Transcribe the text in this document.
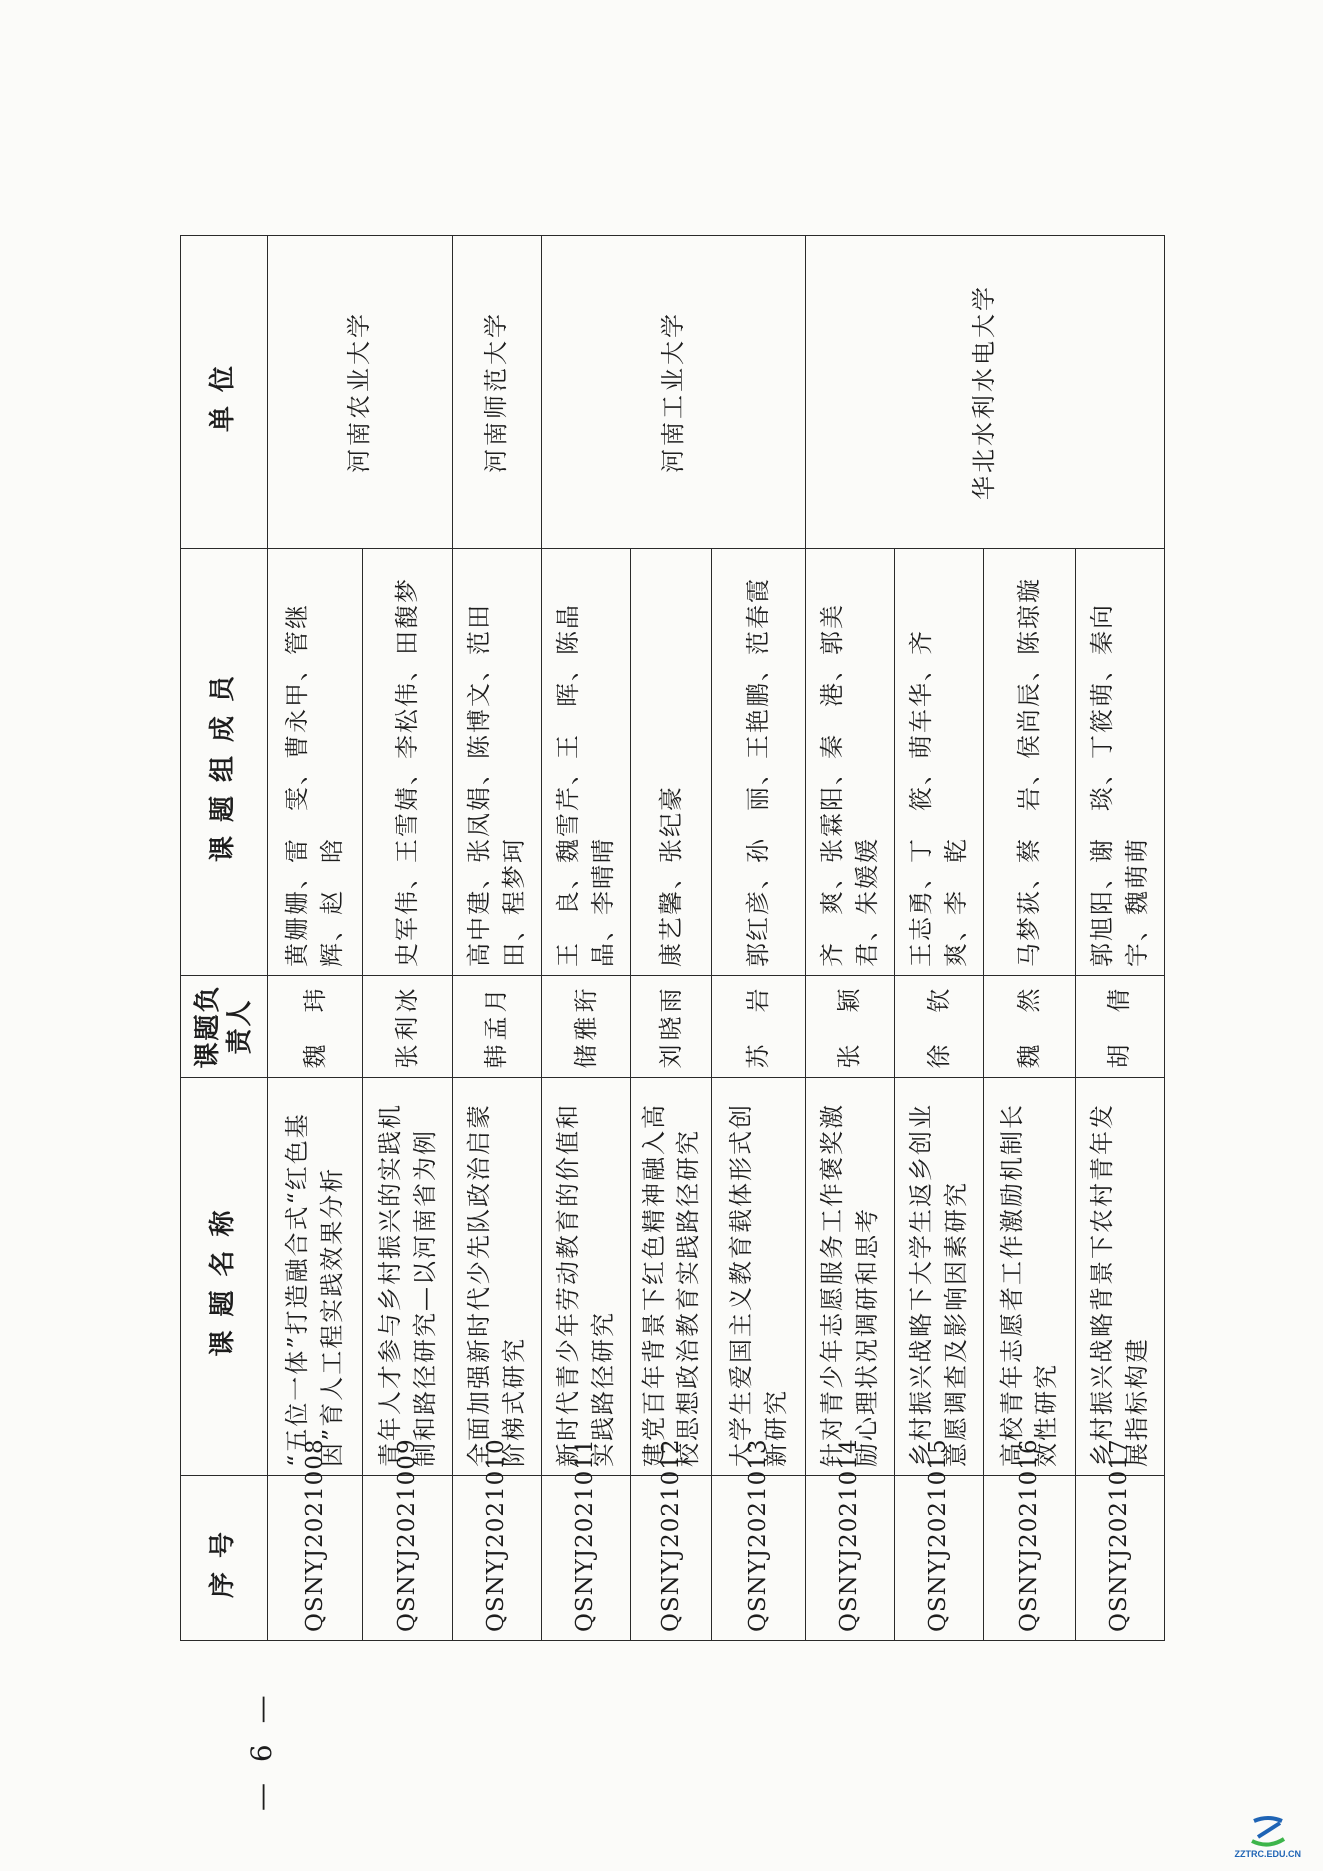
— 6 —
序号	课题名称	课题负责人	课题组成员	单位
QSNYJ2021008	“五位一体”打造融合式“红色基因”育人工程实践效果分析	魏　玮	黄姗姗、雷　雯、曹永甲、管继辉、赵　晗	河南农业大学
QSNYJ2021009	青年人才参与乡村振兴的实践机制和路径研究—以河南省为例	张利冰	史军伟、王雪婧、李松伟、田馥梦	
QSNYJ2021010	全面加强新时代少先队政治启蒙阶梯式研究	韩孟月	高中建、张凤娟、陈博文、范田田、程梦珂	河南师范大学
QSNYJ2021011	新时代青少年劳动教育的价值和实践路径研究	储雅珩	王　良、魏雪芹、王　晖、陈晶晶、李晴晴	河南工业大学
QSNYJ2021012	建党百年背景下红色精神融入高校思想政治教育实践路径研究	刘晓雨	康艺馨、张纪豪	
QSNYJ2021013	大学生爱国主义教育载体形式创新研究	苏　岩	郭红彦、孙　丽、王艳鹏、范春霞	
QSNYJ2021014	针对青少年志愿服务工作褒奖激励心理状况调研和思考	张　颖	齐　爽、张霖阳、秦　港、郭美君、朱媛媛	华北水利水电大学
QSNYJ2021015	乡村振兴战略下大学生返乡创业意愿调查及影响因素研究	徐　钦	王志勇、丁　筱、萌车华、齐　爽、李　乾	
QSNYJ2021016	高校青年志愿者工作激励机制长效性研究	魏　然	马梦荻、蔡　岩、侯尚辰、陈琼璇	
QSNYJ2021017	乡村振兴战略背景下农村青年发展指标构建	胡　倩	郭旭阳、谢　琰、丁筱萌、秦向宇、魏萌萌	
ZZTRC.EDU.CN
